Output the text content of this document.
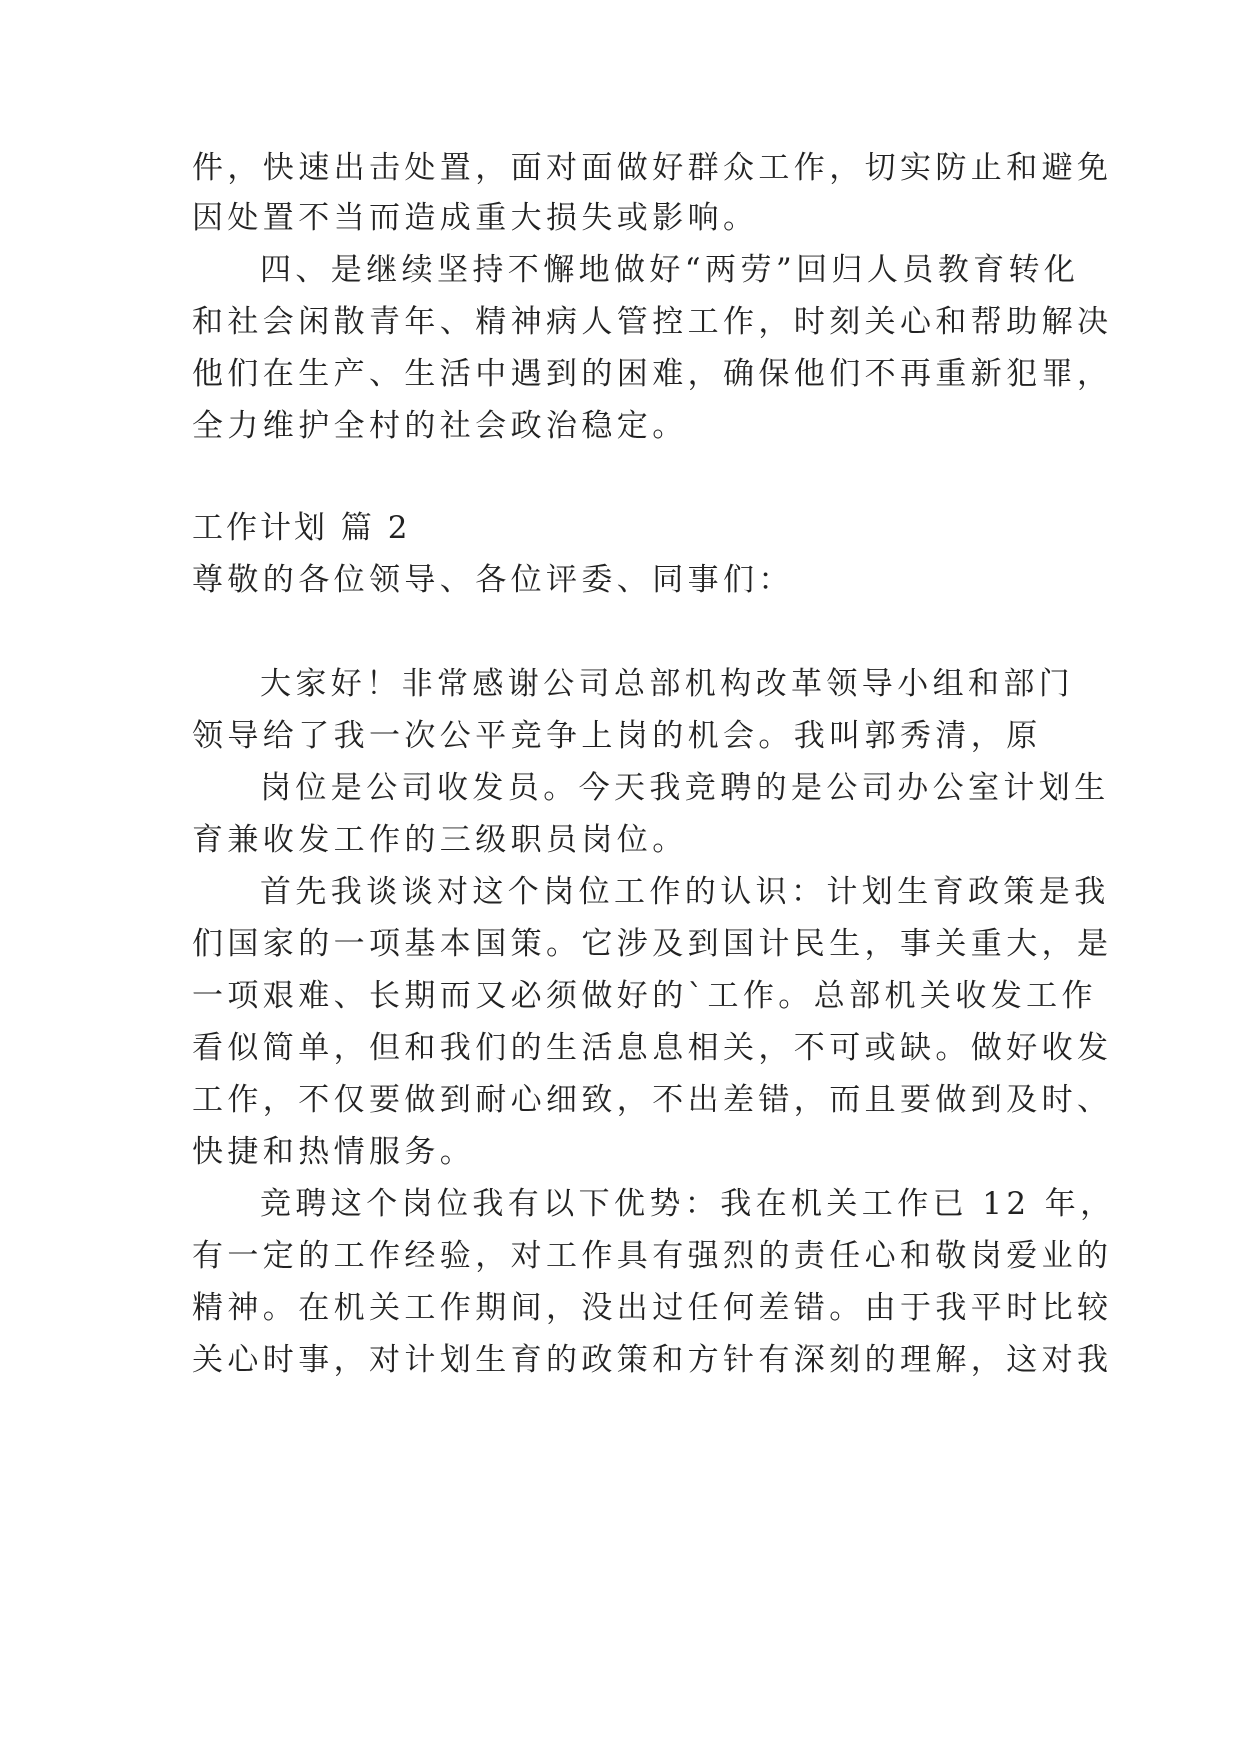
件，快速出击处置，面对面做好群众工作，切实防止和避免
因处置不当而造成重大损失或影响。
四、是继续坚持不懈地做好“两劳”回归人员教育转化
和社会闲散青年、精神病人管控工作，时刻关心和帮助解决
他们在生产、生活中遇到的困难，确保他们不再重新犯罪，
全力维护全村的社会政治稳定。
工作计划 篇 2
尊敬的各位领导、各位评委、同事们：
大家好！非常感谢公司总部机构改革领导小组和部门
领导给了我一次公平竞争上岗的机会。我叫郭秀清，原
岗位是公司收发员。今天我竞聘的是公司办公室计划生
育兼收发工作的三级职员岗位。
首先我谈谈对这个岗位工作的认识：计划生育政策是我
们国家的一项基本国策。它涉及到国计民生，事关重大，是
一项艰难、长期而又必须做好的`工作。总部机关收发工作
看似简单，但和我们的生活息息相关，不可或缺。做好收发
工作，不仅要做到耐心细致，不出差错，而且要做到及时、
快捷和热情服务。
竞聘这个岗位我有以下优势：我在机关工作已 12 年，
有一定的工作经验，对工作具有强烈的责任心和敬岗爱业的
精神。在机关工作期间，没出过任何差错。由于我平时比较
关心时事，对计划生育的政策和方针有深刻的理解，这对我
